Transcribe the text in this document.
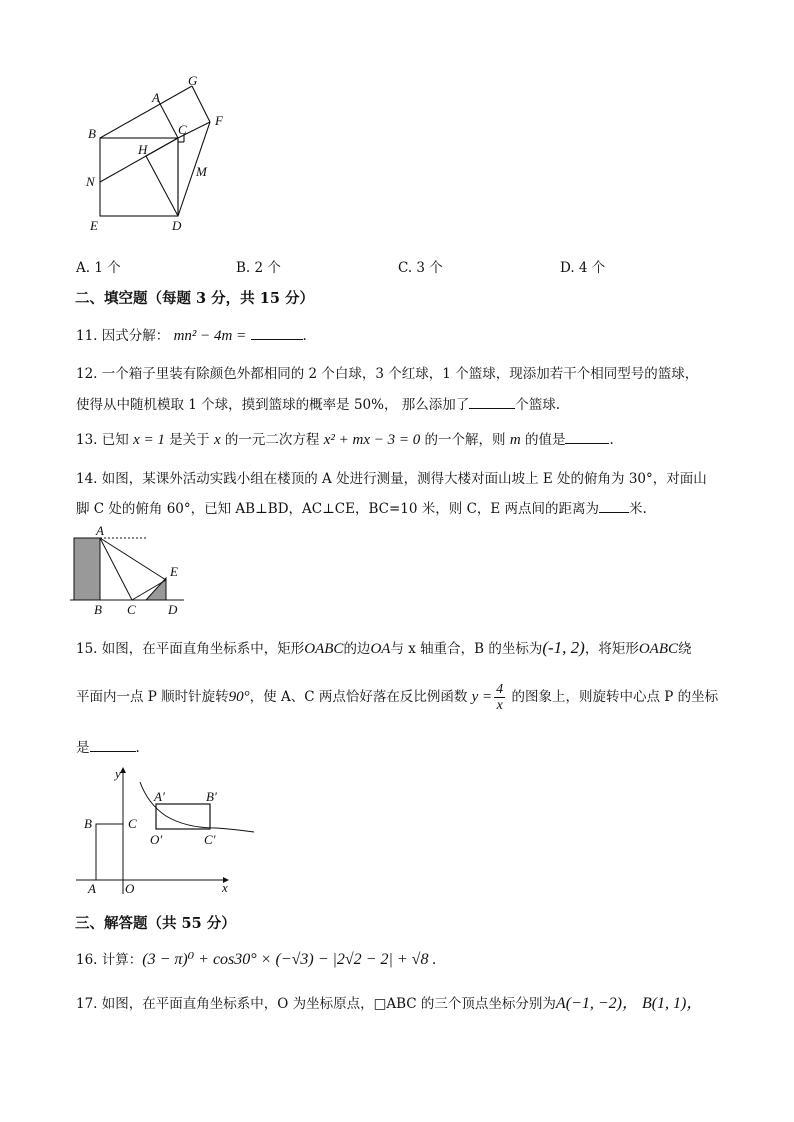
G
A
B	C
F
H
N
M
E	D
A. 1 个	B. 2 个	C. 3 个	D. 4 个
二、填空题（每题 3 分，共 15 分）
11. 因式分解： mn² − 4m =	.
12. 一个箱子里装有除颜色外都相同的 2 个白球，3 个红球，1 个篮球，现添加若干个相同型号的篮球，
使得从中随机模取 1 个球，摸到篮球的概率是 50%， 那么添加了	个篮球.
13. 已知 x = 1 是关于 x 的一元二次方程 x² + mx − 3 = 0 的一个解，则 m 的值是	.
14. 如图，某课外活动实践小组在楼顶的 A 处进行测量，测得大楼对面山坡上 E 处的俯角为 30°，对面山
脚 C 处的俯角 60°，已知 AB⊥BD，AC⊥CE，BC=10 米，则 C，E 两点间的距离为 米.
A
E
B C D
15. 如图，在平面直角坐标系中，矩形OABC的边OA与 x 轴重合，B 的坐标为(-1, 2)，将矩形OABC绕
平面内一点 P 顺时针旋转90°，使 A、C 两点恰好落在反比例函数 $y = \frac{4}{x}$ 的图象上，则旋转中心点 P 的坐标
是	.
y
x
O
A
B	C
A′	B′
O′	C′
三、解答题（共 55 分）
16. 计算：(3 − π)⁰ + cos30° × (−√3) − |2√2 − 2| + √8 .
17. 如图，在平面直角坐标系中，O 为坐标原点，□ABC 的三个顶点坐标分别为A(−1, −2)， B(1, 1)，
